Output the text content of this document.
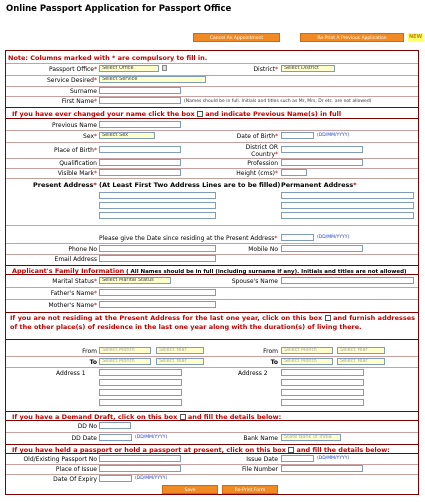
Online Passport Application for Passport Office
Cancel An Appointment	Re-Print A Previous Application	NEW
Note: Columns marked with * are compulsory to fill in.
Passport Office*	Select Office	District*	Select District
Service Desired*	Select Service
Surname
First Name*	(Names should be in full. Initials and titles such as Mr, Mrs, Dr etc. are not allowed)
If you have ever changed your name click the box and indicate Previous Name(s) in full
Previous Name
Sex*	Select Sex	Date of Birth*	(DD/MM/YYYY)
Place of Birth*	District OR
Country*
Qualification	Profession
Visible Mark*	Height (cms)*
Present Address* (At Least First Two Address Lines are to be filled) Permanent Address*
Please give the Date since residing at the Present Address*	(DD/MM/YYYY)
Phone No	Mobile No
Email Address
Applicant's Family Information ( All Names should be in full (including surname if any). Initials and titles are not allowed)
Marital Status*	Select Marital Status	Spouse's Name
Father's Name*
Mother's Name*
If you are not residing at the Present Address for the last one year, click on this box and furnish addresses of the other place(s) of residence in the last one year along with the duration(s) of living there.
From	Select Month	Select Year	From	Select Month	Select Year
To	Select Month	Select Year	To	Select Month	Select Year
Address 1	Address 2
If you have a Demand Draft, click on this box and fill the details below:
DD No
DD Date	(DD/MM/YYYY)	Bank Name	State Bank of India
If you have held a passport or hold a passport at present, click on this box and fill the details below:
Old/Existing Passport No	Issue Date	(DD/MM/YYYY)
Place of Issue	File Number
Date Of Expiry	(DD/MM/YYYY)
Save	Re-Print Form
